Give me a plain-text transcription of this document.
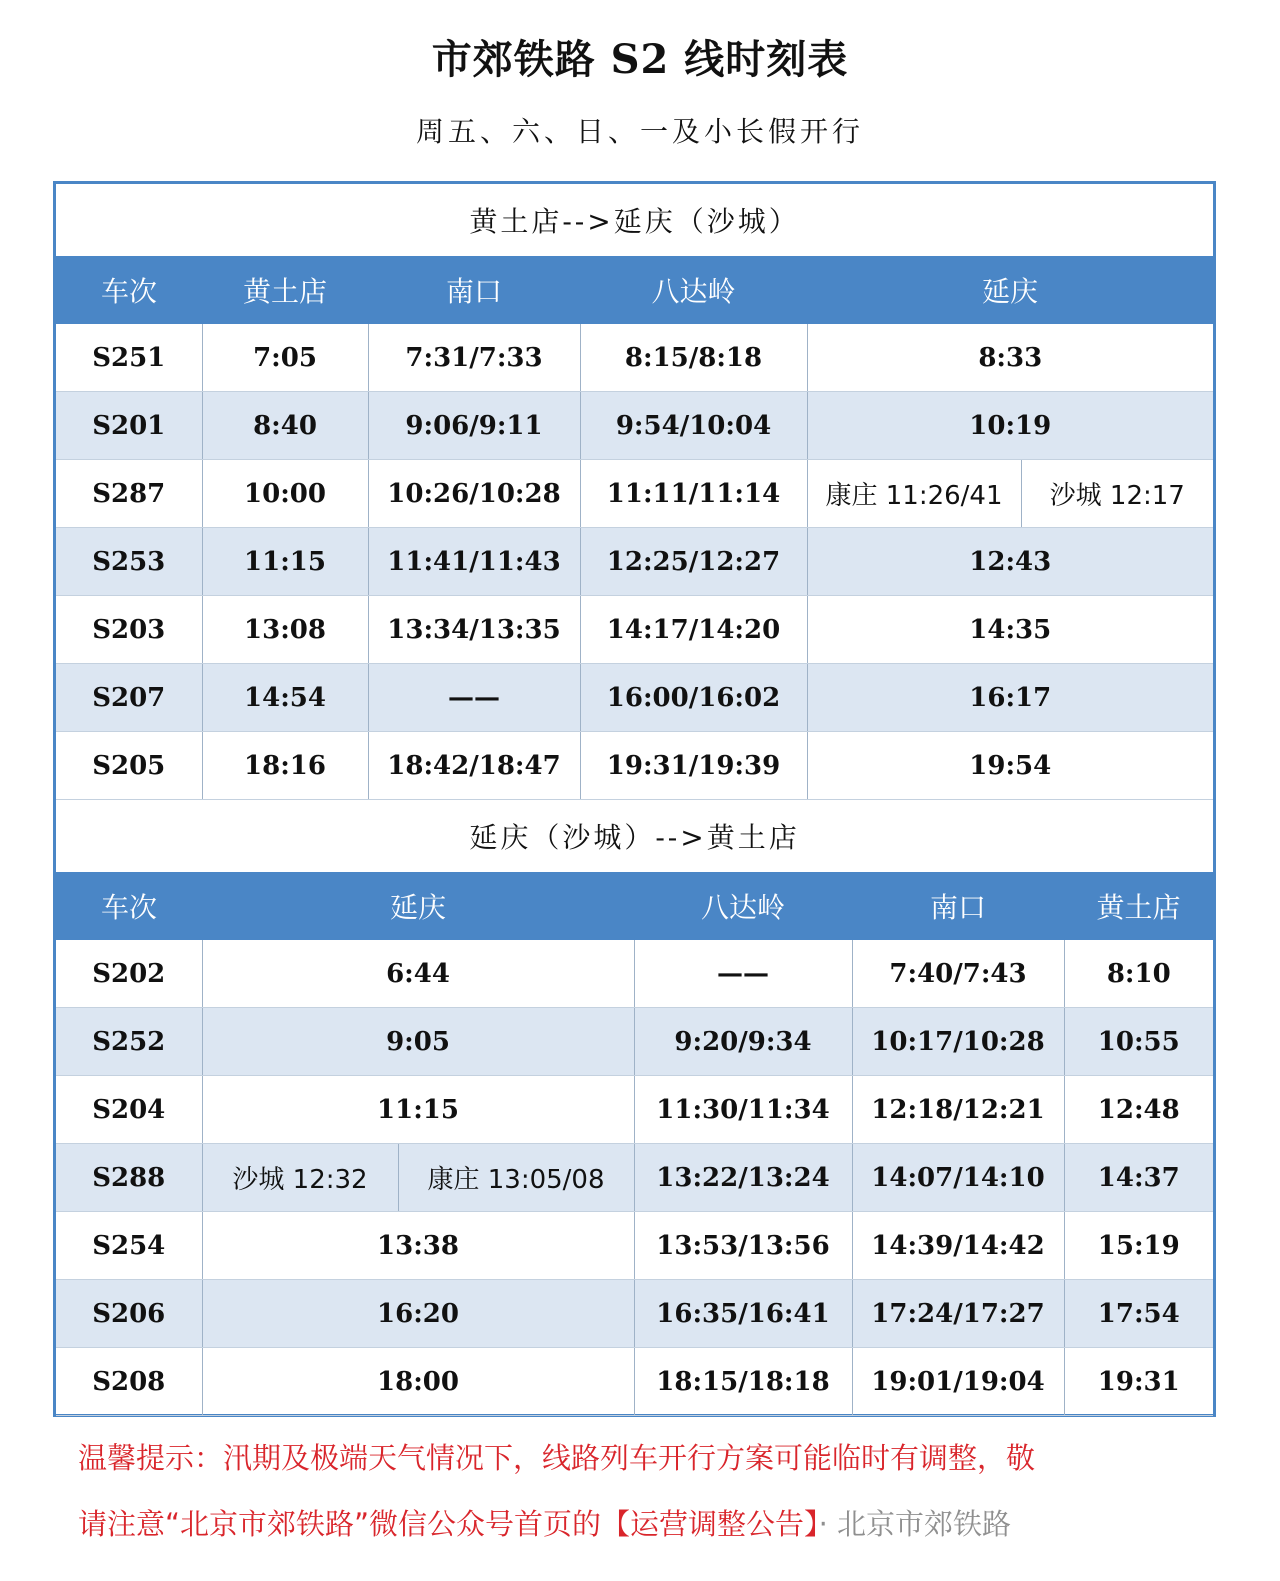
市郊铁路 S2 线时刻表
周五、六、日、一及小长假开行
黄土店-->延庆（沙城）					
车次	黄土店	南口	八达岭	延庆	
S251	7:05	7:31/7:33	8:15/8:18	8:33	
S201	8:40	9:06/9:11	9:54/10:04	10:19	
S287	10:00	10:26/10:28	11:11/11:14	康庄 11:26/41	沙城 12:17
S253	11:15	11:41/11:43	12:25/12:27	12:43	
S203	13:08	13:34/13:35	14:17/14:20	14:35	
S207	14:54	——	16:00/16:02	16:17	
S205	18:16	18:42/18:47	19:31/19:39	19:54	
延庆（沙城）-->黄土店					
车次	延庆		八达岭	南口	黄土店
S202	6:44		——	7:40/7:43	8:10
S252	9:05		9:20/9:34	10:17/10:28	10:55
S204	11:15		11:30/11:34	12:18/12:21	12:48
S288	沙城 12:32	康庄 13:05/08	13:22/13:24	14:07/14:10	14:37
S254	13:38		13:53/13:56	14:39/14:42	15:19
S206	16:20		16:35/16:41	17:24/17:27	17:54
S208	18:00		18:15/18:18	19:01/19:04	19:31
温馨提示：汛期及极端天气情况下，线路列车开行方案可能临时有调整，敬
请注意“北京市郊铁路”微信公众号首页的【运营调整公告】· 北京市郊铁路
